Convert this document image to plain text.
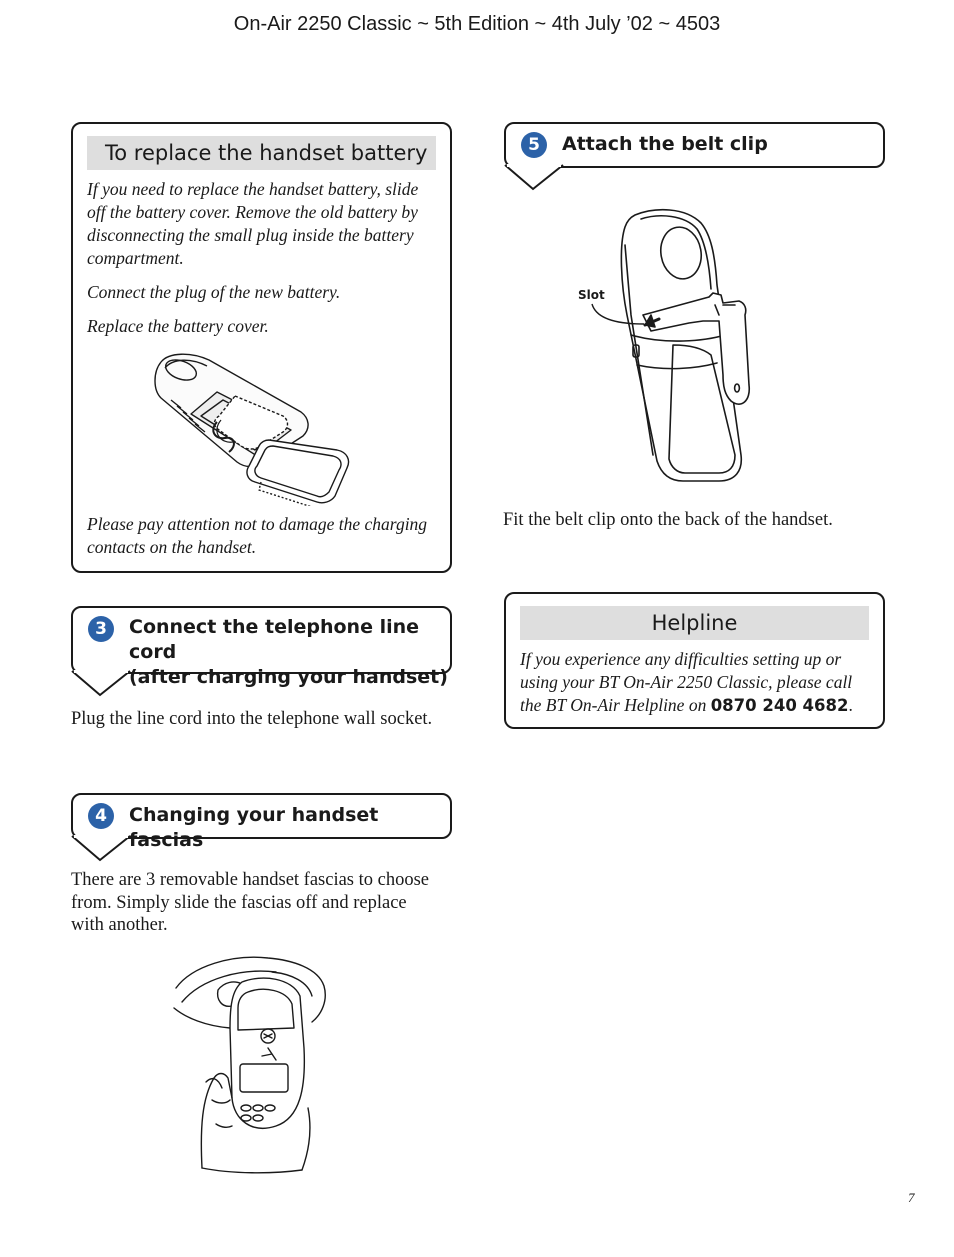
On-Air 2250 Classic ~ 5th Edition ~ 4th July ’02 ~ 4503
To replace the handset battery

If you need to replace the handset battery, slide off the battery cover. Remove the old battery by disconnecting the small plug inside the battery compartment.

Connect the plug of the new battery.

Replace the battery cover.

Please pay attention not to damage the charging contacts on the handset.

3	Connect the telephone line cord
(after charging your handset)

Plug the line cord into the telephone wall socket.

4	Changing your handset fascias

There are 3 removable handset fascias to choose from. Simply slide the fascias off and replace with another.

5	Attach the belt clip
Slot

Fit the belt clip onto the back of the handset.

Helpline

If you experience any difficulties setting up or using your BT On-Air 2250 Classic, please call the BT On-Air Helpline on 0870 240 4682.

7
